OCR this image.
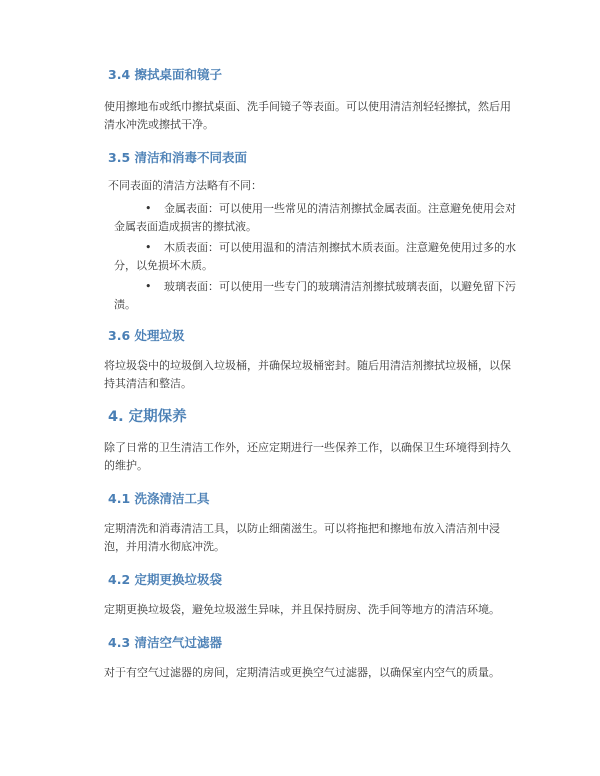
3.4 擦拭桌面和镜子

使用擦地布或纸巾擦拭桌面、洗手间镜子等表面。可以使用清洁剂轻轻擦拭，然后用清水冲洗或擦拭干净。

3.5 清洁和消毒不同表面

不同表面的清洁方法略有不同：

•	金属表面：可以使用一些常见的清洁剂擦拭金属表面。注意避免使用会对金属表面造成损害的擦拭液。
•	木质表面：可以使用温和的清洁剂擦拭木质表面。注意避免使用过多的水分，以免损坏木质。
•	玻璃表面：可以使用一些专门的玻璃清洁剂擦拭玻璃表面，以避免留下污渍。
3.6 处理垃圾

将垃圾袋中的垃圾倒入垃圾桶，并确保垃圾桶密封。随后用清洁剂擦拭垃圾桶，以保持其清洁和整洁。

4. 定期保养

除了日常的卫生清洁工作外，还应定期进行一些保养工作，以确保卫生环境得到持久的维护。

4.1 洗涤清洁工具

定期清洗和消毒清洁工具，以防止细菌滋生。可以将拖把和擦地布放入清洁剂中浸泡，并用清水彻底冲洗。

4.2 定期更换垃圾袋

定期更换垃圾袋，避免垃圾滋生异味，并且保持厨房、洗手间等地方的清洁环境。

4.3 清洁空气过滤器

对于有空气过滤器的房间，定期清洁或更换空气过滤器，以确保室内空气的质量。
